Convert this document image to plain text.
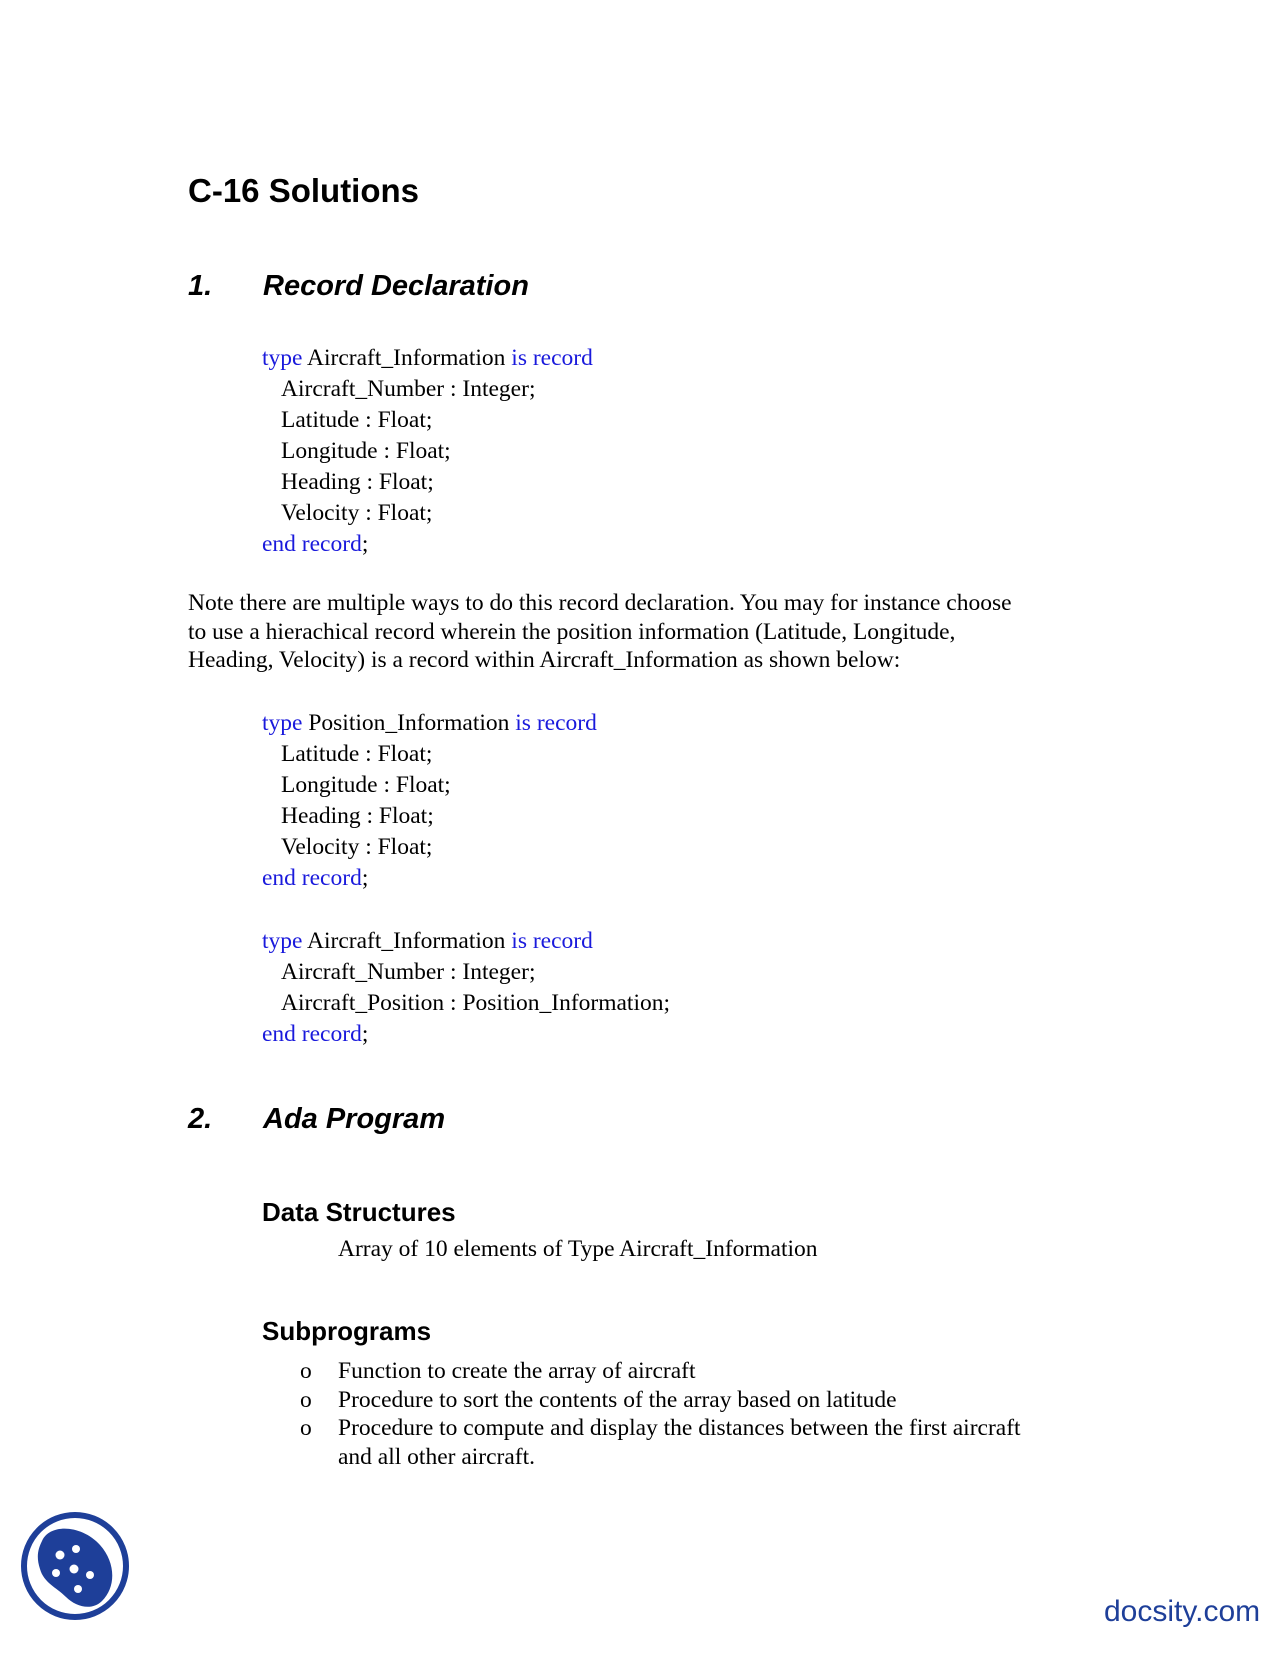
C-16 Solutions
1. Record Declaration
type Aircraft_Information is record
Aircraft_Number : Integer;
Latitude : Float;
Longitude : Float;
Heading : Float;
Velocity : Float;
end record;
Note there are multiple ways to do this record declaration. You may for instance choose
to use a hierachical record wherein the position information (Latitude, Longitude,
Heading, Velocity) is a record within Aircraft_Information as shown below:
type Position_Information is record
Latitude : Float;
Longitude : Float;
Heading : Float;
Velocity : Float;
end record;
type Aircraft_Information is record
Aircraft_Number : Integer;
Aircraft_Position : Position_Information;
end record;
2. Ada Program
Data Structures
Array of 10 elements of Type Aircraft_Information
Subprograms
o	Function to create the array of aircraft
o	Procedure to sort the contents of the array based on latitude
o	Procedure to compute and display the distances between the first aircraft
and all other aircraft.
docsity.com
